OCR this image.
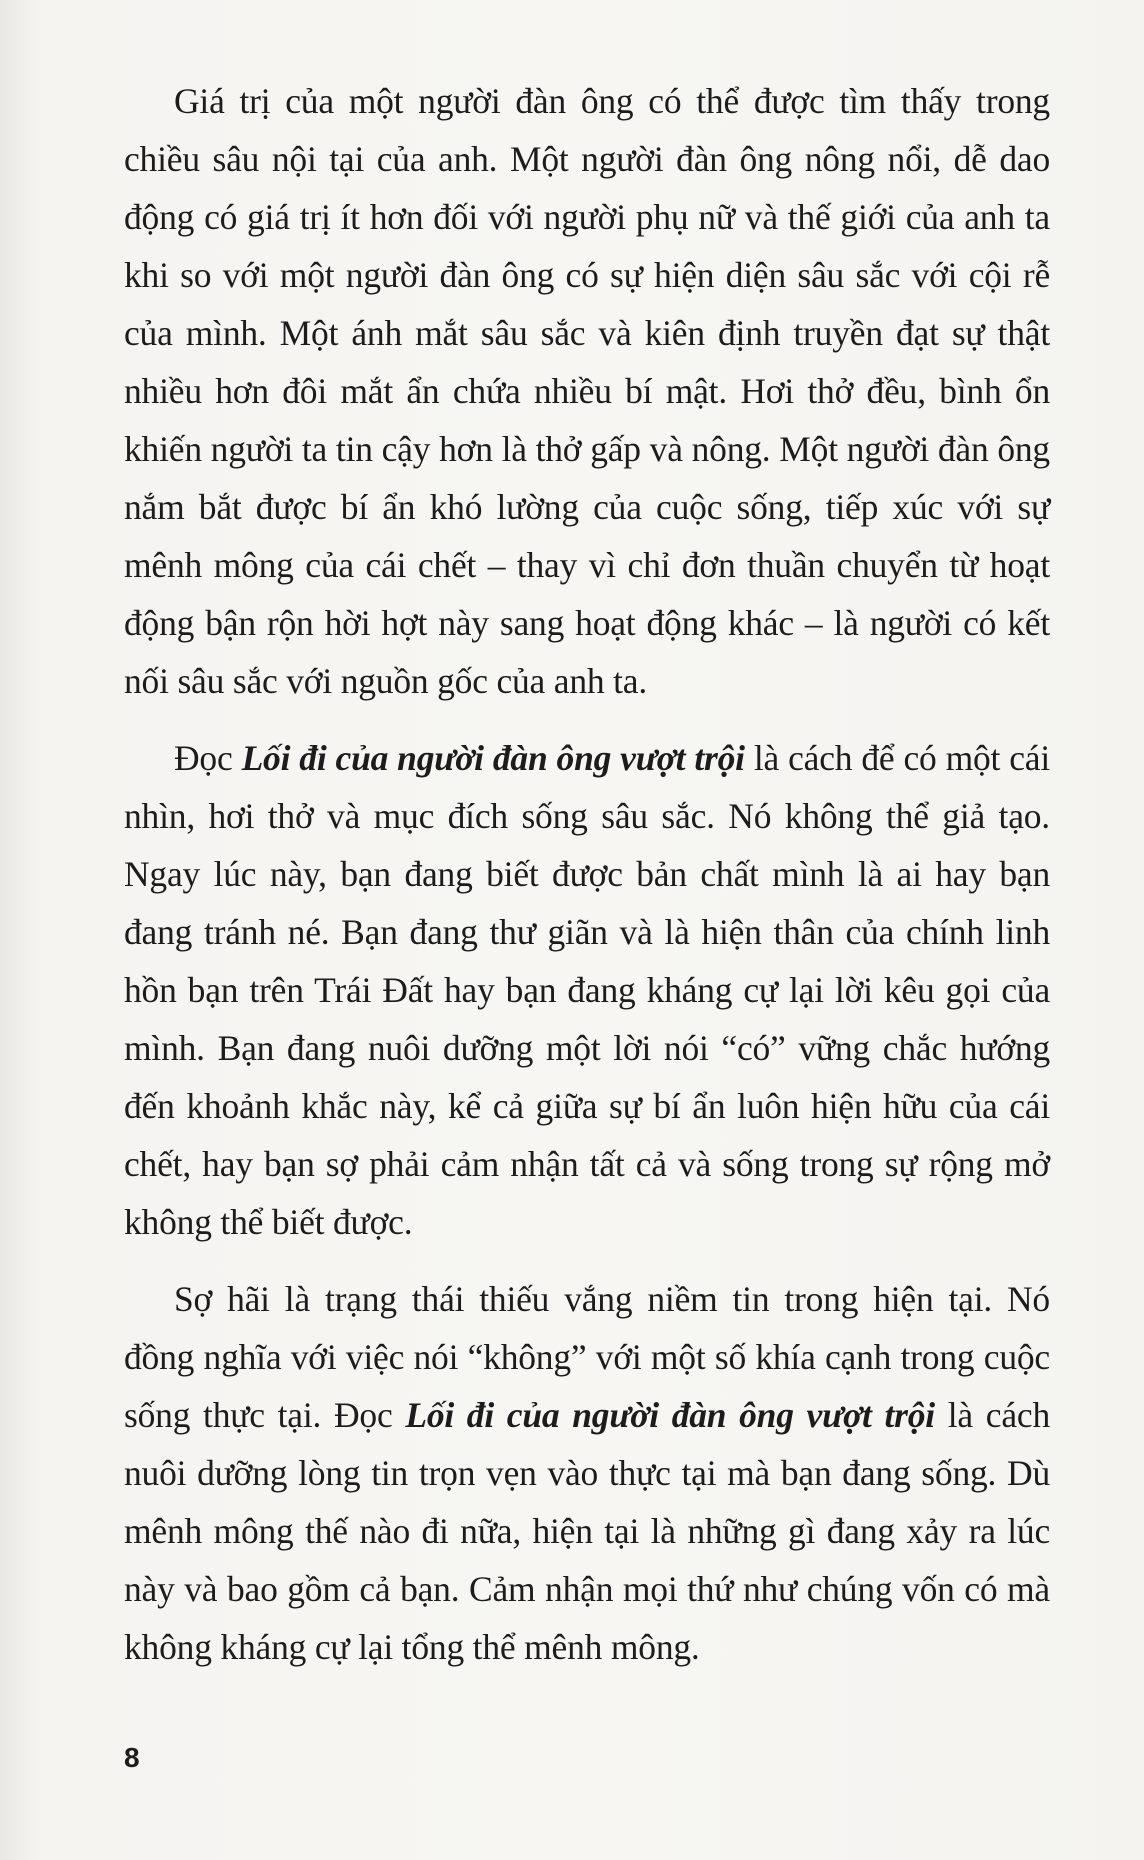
Giá trị của một người đàn ông có thể được tìm thấy trong chiều sâu nội tại của anh. Một người đàn ông nông nổi, dễ dao động có giá trị ít hơn đối với người phụ nữ và thế giới của anh ta khi so với một người đàn ông có sự hiện diện sâu sắc với cội rễ của mình. Một ánh mắt sâu sắc và kiên định truyền đạt sự thật nhiều hơn đôi mắt ẩn chứa nhiều bí mật. Hơi thở đều, bình ổn khiến người ta tin cậy hơn là thở gấp và nông. Một người đàn ông nắm bắt được bí ẩn khó lường của cuộc sống, tiếp xúc với sự mênh mông của cái chết – thay vì chỉ đơn thuần chuyển từ hoạt động bận rộn hời hợt này sang hoạt động khác – là người có kết nối sâu sắc với nguồn gốc của anh ta.

Đọc Lối đi của người đàn ông vượt trội là cách để có một cái nhìn, hơi thở và mục đích sống sâu sắc. Nó không thể giả tạo. Ngay lúc này, bạn đang biết được bản chất mình là ai hay bạn đang tránh né. Bạn đang thư giãn và là hiện thân của chính linh hồn bạn trên Trái Đất hay bạn đang kháng cự lại lời kêu gọi của mình. Bạn đang nuôi dưỡng một lời nói “có” vững chắc hướng đến khoảnh khắc này, kể cả giữa sự bí ẩn luôn hiện hữu của cái chết, hay bạn sợ phải cảm nhận tất cả và sống trong sự rộng mở không thể biết được.

Sợ hãi là trạng thái thiếu vắng niềm tin trong hiện tại. Nó đồng nghĩa với việc nói “không” với một số khía cạnh trong cuộc sống thực tại. Đọc Lối đi của người đàn ông vượt trội là cách nuôi dưỡng lòng tin trọn vẹn vào thực tại mà bạn đang sống. Dù mênh mông thế nào đi nữa, hiện tại là những gì đang xảy ra lúc này và bao gồm cả bạn. Cảm nhận mọi thứ như chúng vốn có mà không kháng cự lại tổng thể mênh mông.

8
